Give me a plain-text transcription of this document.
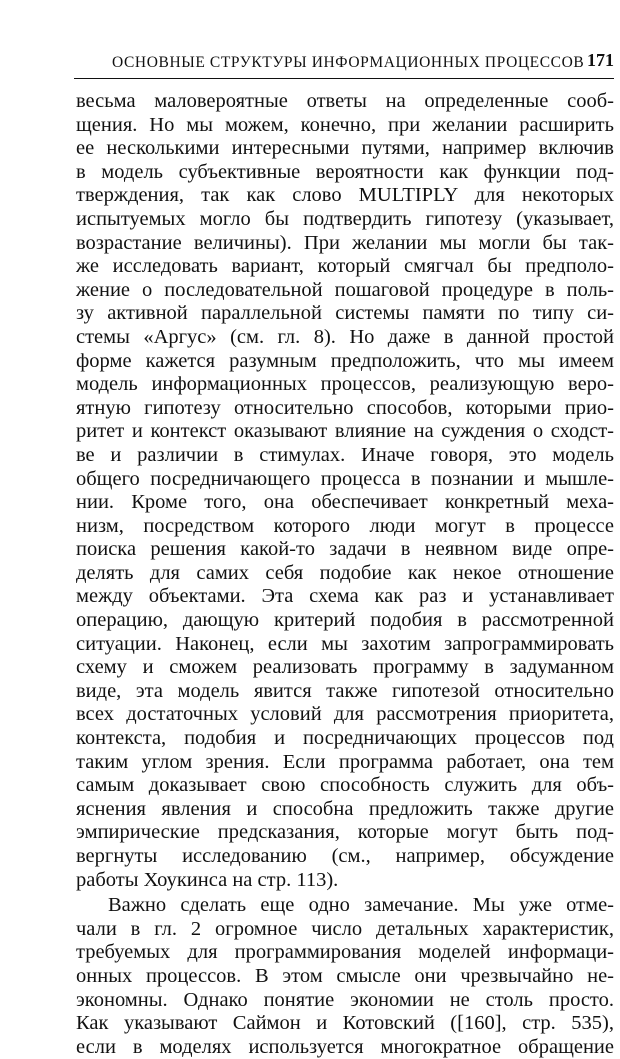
ОСНОВНЫЕ СТРУКТУРЫ ИНФОРМАЦИОННЫХ ПРОЦЕССОВ 171
весьма маловероятные ответы на определенные сооб-
щения. Но мы можем, конечно, при желании расширить
ее несколькими интересными путями, например включив
в модель субъективные вероятности как функции под-
тверждения, так как слово MULTIPLY для некоторых
испытуемых могло бы подтвердить гипотезу (указывает,
возрастание величины). При желании мы могли бы так-
же исследовать вариант, который смягчал бы предполо-
жение о последовательной пошаговой процедуре в поль-
зу активной параллельной системы памяти по типу си-
стемы «Аргус» (см. гл. 8). Но даже в данной простой
форме кажется разумным предположить, что мы имеем
модель информационных процессов, реализующую веро-
ятную гипотезу относительно способов, которыми прио-
ритет и контекст оказывают влияние на суждения о сходст-
ве и различии в стимулах. Иначе говоря, это модель
общего посредничающего процесса в познании и мышле-
нии. Кроме того, она обеспечивает конкретный меха-
низм, посредством которого люди могут в процессе
поиска решения какой-то задачи в неявном виде опре-
делять для самих себя подобие как некое отношение
между объектами. Эта схема как раз и устанавливает
операцию, дающую критерий подобия в рассмотренной
ситуации. Наконец, если мы захотим запрограммировать
схему и сможем реализовать программу в задуманном
виде, эта модель явится также гипотезой относительно
всех достаточных условий для рассмотрения приоритета,
контекста, подобия и посредничающих процессов под
таким углом зрения. Если программа работает, она тем
самым доказывает свою способность служить для объ-
яснения явления и способна предложить также другие
эмпирические предсказания, которые могут быть под-
вергнуты исследованию (см., например, обсуждение
работы Хоукинса на стр. 113).
Важно сделать еще одно замечание. Мы уже отме-
чали в гл. 2 огромное число детальных характеристик,
требуемых для программирования моделей информаци-
онных процессов. В этом смысле они чрезвычайно не-
экономны. Однако понятие экономии не столь просто.
Как указывают Саймон и Котовский ([160], стр. 535),
если в моделях используется многократное обращение
